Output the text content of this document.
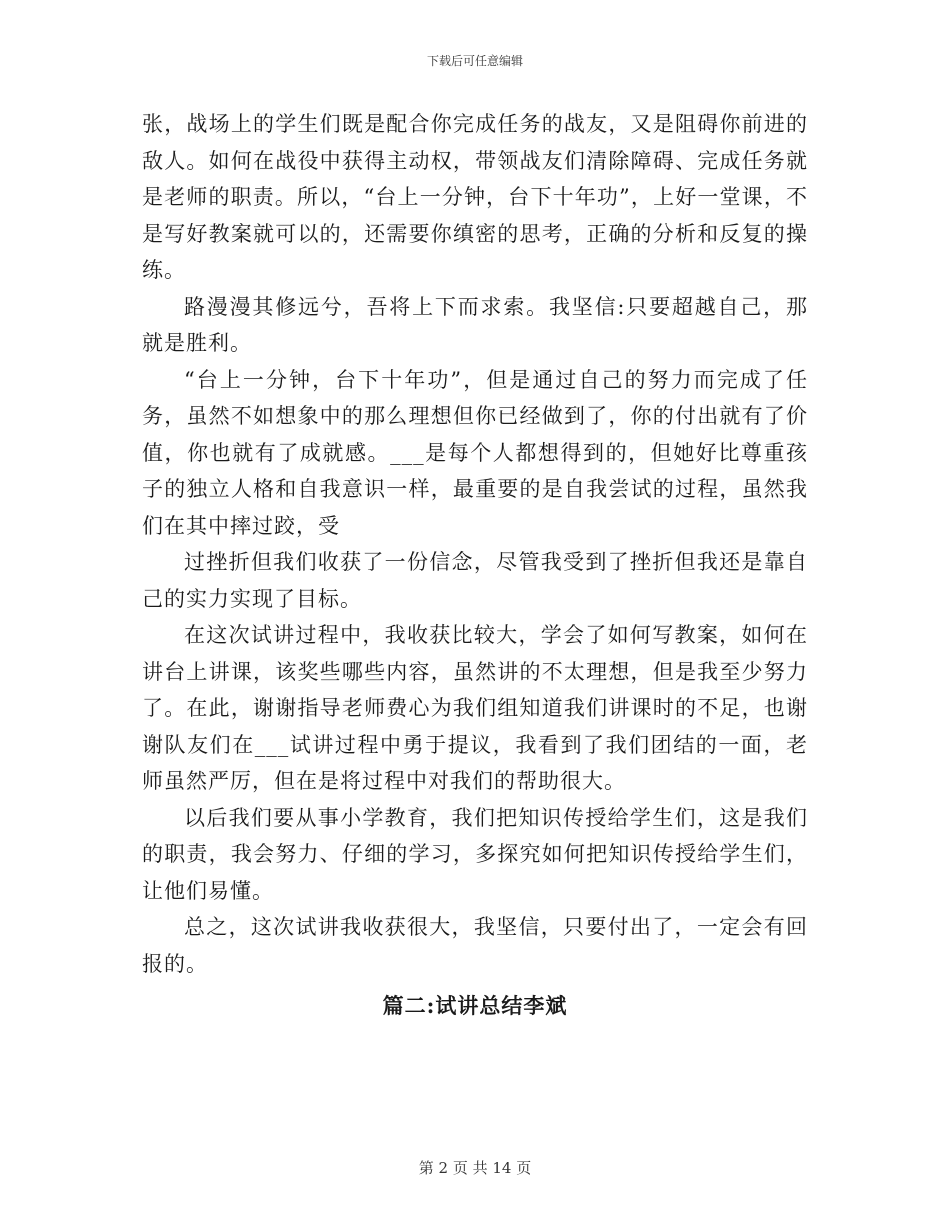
下载后可任意编辑

张，战场上的学生们既是配合你完成任务的战友，又是阻碍你前进的敌人。如何在战役中获得主动权，带领战友们清除障碍、完成任务就是老师的职责。所以，“台上一分钟，台下十年功”，上好一堂课，不是写好教案就可以的，还需要你缜密的思考，正确的分析和反复的操练。

路漫漫其修远兮，吾将上下而求索。我坚信:只要超越自己，那就是胜利。

“台上一分钟，台下十年功”，但是通过自己的努力而完成了任务，虽然不如想象中的那么理想但你已经做到了，你的付出就有了价值，你也就有了成就感。___是每个人都想得到的，但她好比尊重孩子的独立人格和自我意识一样，最重要的是自我尝试的过程，虽然我们在其中摔过跤，受

过挫折但我们收获了一份信念，尽管我受到了挫折但我还是靠自己的实力实现了目标。

在这次试讲过程中，我收获比较大，学会了如何写教案，如何在讲台上讲课，该奖些哪些内容，虽然讲的不太理想，但是我至少努力了。在此，谢谢指导老师费心为我们组知道我们讲课时的不足，也谢谢队友们在___试讲过程中勇于提议，我看到了我们团结的一面，老师虽然严厉，但在是将过程中对我们的帮助很大。

以后我们要从事小学教育，我们把知识传授给学生们，这是我们的职责，我会努力、仔细的学习，多探究如何把知识传授给学生们，让他们易懂。

总之，这次试讲我收获很大，我坚信，只要付出了，一定会有回报的。

篇二:试讲总结李斌
第 2 页 共 14 页
